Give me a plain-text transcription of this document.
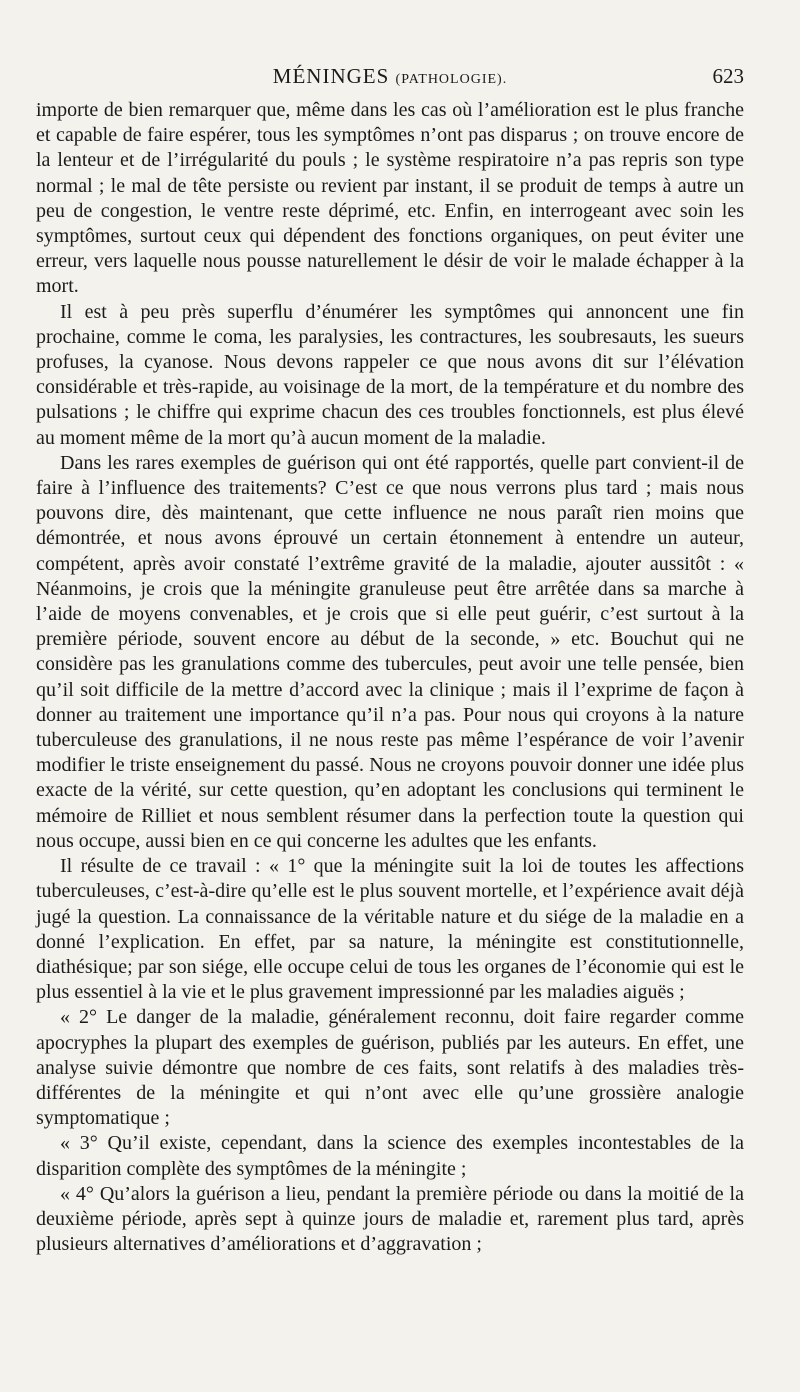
MÉNINGES (PATHOLOGIE).	623

importe de bien remarquer que, même dans les cas où l’amélioration est le plus franche et capable de faire espérer, tous les symptômes n’ont pas disparus ; on trouve encore de la lenteur et de l’irrégularité du pouls ; le système respiratoire n’a pas repris son type normal ; le mal de tête persiste ou revient par instant, il se produit de temps à autre un peu de congestion, le ventre reste déprimé, etc. Enfin, en interrogeant avec soin les symptômes, surtout ceux qui dépendent des fonctions organiques, on peut éviter une erreur, vers laquelle nous pousse naturellement le désir de voir le malade échapper à la mort.

Il est à peu près superflu d’énumérer les symptômes qui annoncent une fin prochaine, comme le coma, les paralysies, les contractures, les soubresauts, les sueurs profuses, la cyanose. Nous devons rappeler ce que nous avons dit sur l’élévation considérable et très-rapide, au voisinage de la mort, de la température et du nombre des pulsations ; le chiffre qui exprime chacun des ces troubles fonctionnels, est plus élevé au moment même de la mort qu’à aucun moment de la maladie.

Dans les rares exemples de guérison qui ont été rapportés, quelle part convient-il de faire à l’influence des traitements? C’est ce que nous verrons plus tard ; mais nous pouvons dire, dès maintenant, que cette influence ne nous paraît rien moins que démontrée, et nous avons éprouvé un certain étonnement à entendre un auteur, compétent, après avoir constaté l’extrême gravité de la maladie, ajouter aussitôt : « Néanmoins, je crois que la méningite granuleuse peut être arrêtée dans sa marche à l’aide de moyens convenables, et je crois que si elle peut guérir, c’est surtout à la première période, souvent encore au début de la seconde, » etc. Bouchut qui ne considère pas les granulations comme des tubercules, peut avoir une telle pensée, bien qu’il soit difficile de la mettre d’accord avec la clinique ; mais il l’exprime de façon à donner au traitement une importance qu’il n’a pas. Pour nous qui croyons à la nature tuberculeuse des granulations, il ne nous reste pas même l’espérance de voir l’avenir modifier le triste enseignement du passé. Nous ne croyons pouvoir donner une idée plus exacte de la vérité, sur cette question, qu’en adoptant les conclusions qui terminent le mémoire de Rilliet et nous semblent résumer dans la perfection toute la question qui nous occupe, aussi bien en ce qui concerne les adultes que les enfants.

Il résulte de ce travail : « 1° que la méningite suit la loi de toutes les affections tuberculeuses, c’est-à-dire qu’elle est le plus souvent mortelle, et l’expérience avait déjà jugé la question. La connaissance de la véritable nature et du siége de la maladie en a donné l’explication. En effet, par sa nature, la méningite est constitutionnelle, diathésique; par son siége, elle occupe celui de tous les organes de l’économie qui est le plus essentiel à la vie et le plus gravement impressionné par les maladies aiguës ;

« 2° Le danger de la maladie, généralement reconnu, doit faire regarder comme apocryphes la plupart des exemples de guérison, publiés par les auteurs. En effet, une analyse suivie démontre que nombre de ces faits, sont relatifs à des maladies très-différentes de la méningite et qui n’ont avec elle qu’une grossière analogie symptomatique ;

« 3° Qu’il existe, cependant, dans la science des exemples incontestables de la disparition complète des symptômes de la méningite ;

« 4° Qu’alors la guérison a lieu, pendant la première période ou dans la moitié de la deuxième période, après sept à quinze jours de maladie et, rarement plus tard, après plusieurs alternatives d’améliorations et d’aggravation ;
